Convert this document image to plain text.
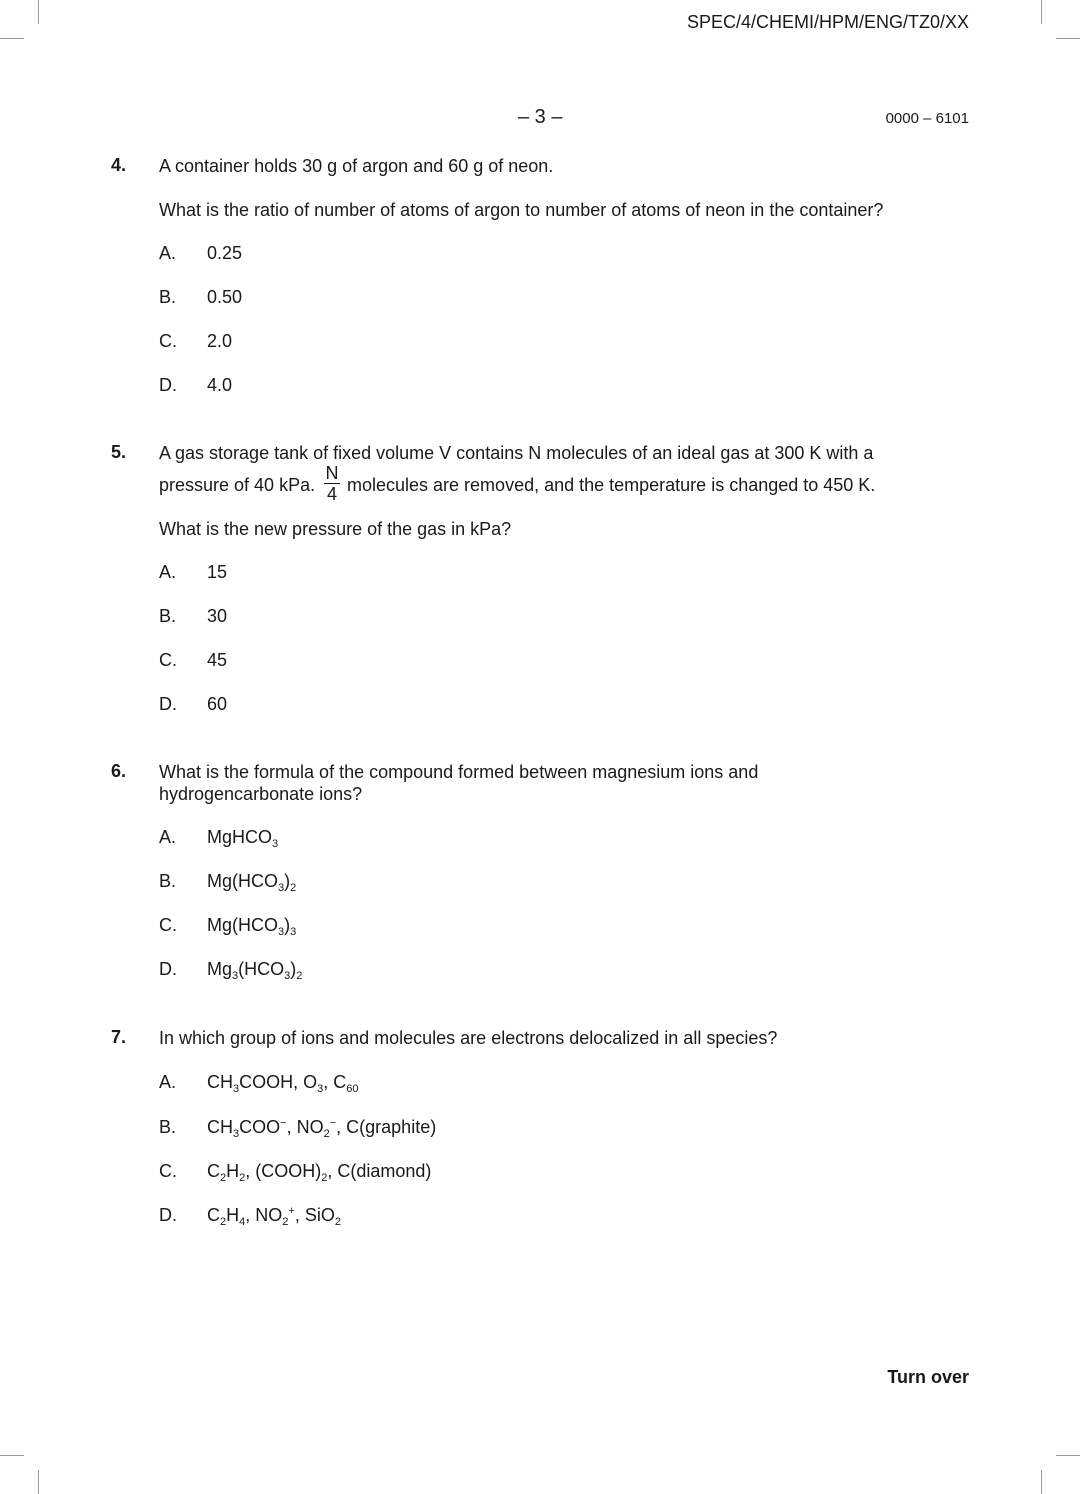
SPEC/4/CHEMI/HPM/ENG/TZ0/XX
– 3 –	0000 – 6101
4. A container holds 30 g of argon and 60 g of neon.
What is the ratio of number of atoms of argon to number of atoms of neon in the container?
A. 0.25
B. 0.50
C. 2.0
D. 4.0
5. A gas storage tank of fixed volume V contains N molecules of an ideal gas at 300 K with a
pressure of 40 kPa.
N
4 molecules are removed, and the temperature is changed to 450 K.
What is the new pressure of the gas in kPa?
A. 15
B. 30
C. 45
D. 60
6. What is the formula of the compound formed between magnesium ions and
hydrogencarbonate ions?
A. MgHCO$_3$
B. $Mg(HCO_3)_2$
C. $Mg(HCO_3)_3$
D. $Mg_3(HCO_3)_2$
7. In which group of ions and molecules are electrons delocalized in all species?
A. $CH_3COOH$, $O_3$, $C_{60}$
B. $CH_3COO^-$, $NO_2^-$, C(graphite)
C. $C_2H_2$, $(COOH)_2$, C(diamond)
D. $C_2H_4$, $NO_2^+$, SiO$_2$
Turn over
